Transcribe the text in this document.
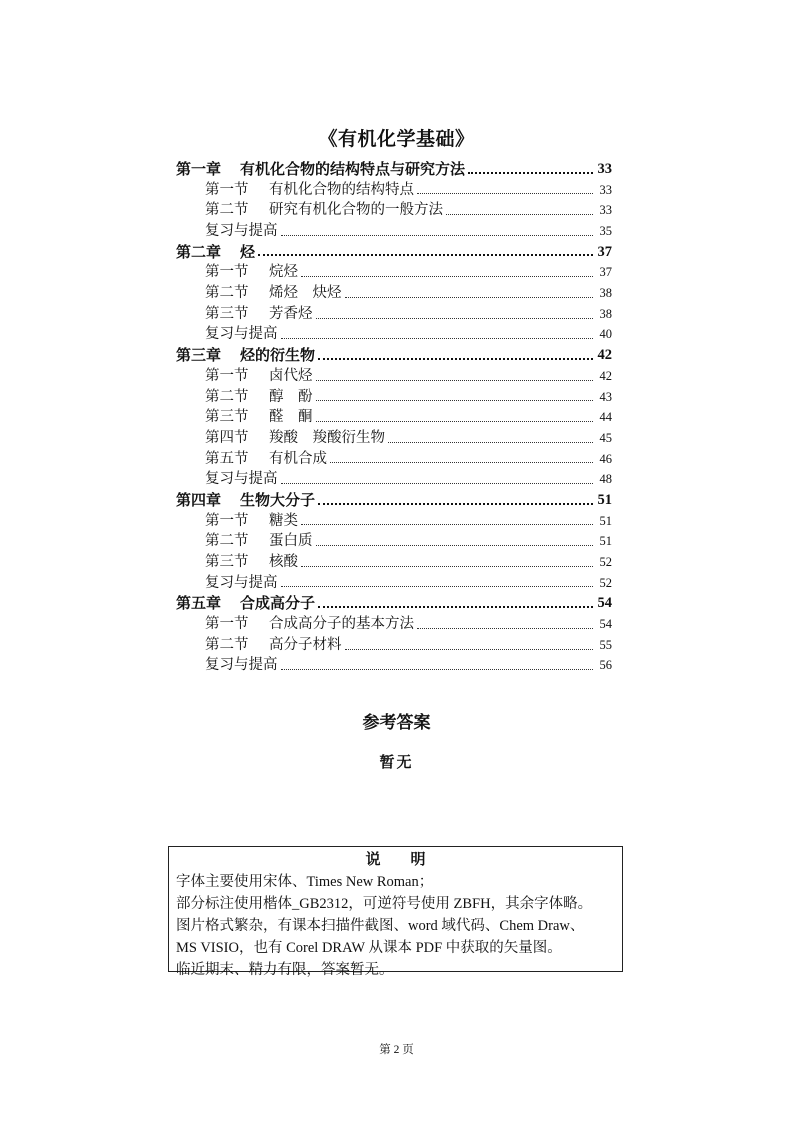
《有机化学基础》
第一章	有机化合物的结构特点与研究方法	33
第一节	有机化合物的结构特点	33
第二节	研究有机化合物的一般方法	33
复习与提高	35
第二章	烃	37
第一节	烷烃	37
第二节	烯烃　炔烃	38
第三节	芳香烃	38
复习与提高	40
第三章	烃的衍生物	42
第一节	卤代烃	42
第二节	醇　酚	43
第三节	醛　酮	44
第四节	羧酸　羧酸衍生物	45
第五节	有机合成	46
复习与提高	48
第四章	生物大分子	51
第一节	糖类	51
第二节	蛋白质	51
第三节	核酸	52
复习与提高	52
第五章	合成高分子	54
第一节	合成高分子的基本方法	54
第二节	高分子材料	55
复习与提高	56
参考答案
暂无
说明
字体主要使用宋体、Times New Roman；
部分标注使用楷体_GB2312，可逆符号使用 ZBFH，其余字体略。
图片格式繁杂，有课本扫描件截图、word 域代码、Chem Draw、
MS VISIO，也有 Corel DRAW 从课本 PDF 中获取的矢量图。
临近期末、精力有限，答案暂无。
第 2 页
